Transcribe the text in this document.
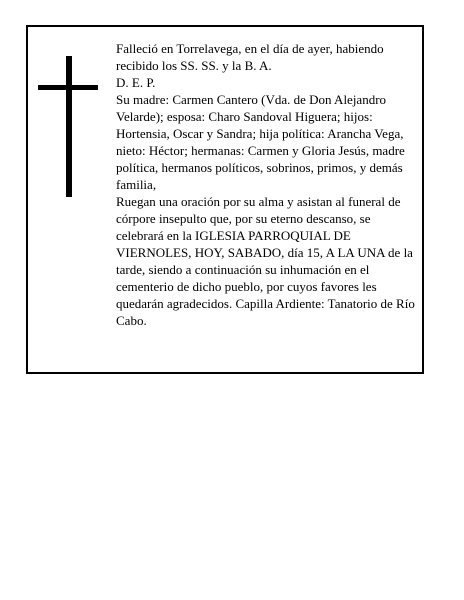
Falleció en Torrelavega, en el día de ayer, habiendo recibido los SS. SS. y la B. A.

D. E. P.

Su madre: Carmen Cantero (Vda. de Don Alejandro Velarde); esposa: Charo Sandoval Higuera; hijos: Hortensia, Oscar y Sandra; hija política: Arancha Vega, nieto: Héctor; hermanas: Carmen y Gloria Jesús, madre política, hermanos políticos, sobrinos, primos, y demás familia,

Ruegan una oración por su alma y asistan al funeral de córpore insepulto que, por su eterno descanso, se celebrará en la IGLESIA PARROQUIAL DE VIERNOLES, HOY, SABADO, día 15, A LA UNA de la tarde, siendo a continuación su inhumación en el cementerio de dicho pueblo, por cuyos favores les quedarán agradecidos. Capilla Ardiente: Tanatorio de Río Cabo.
